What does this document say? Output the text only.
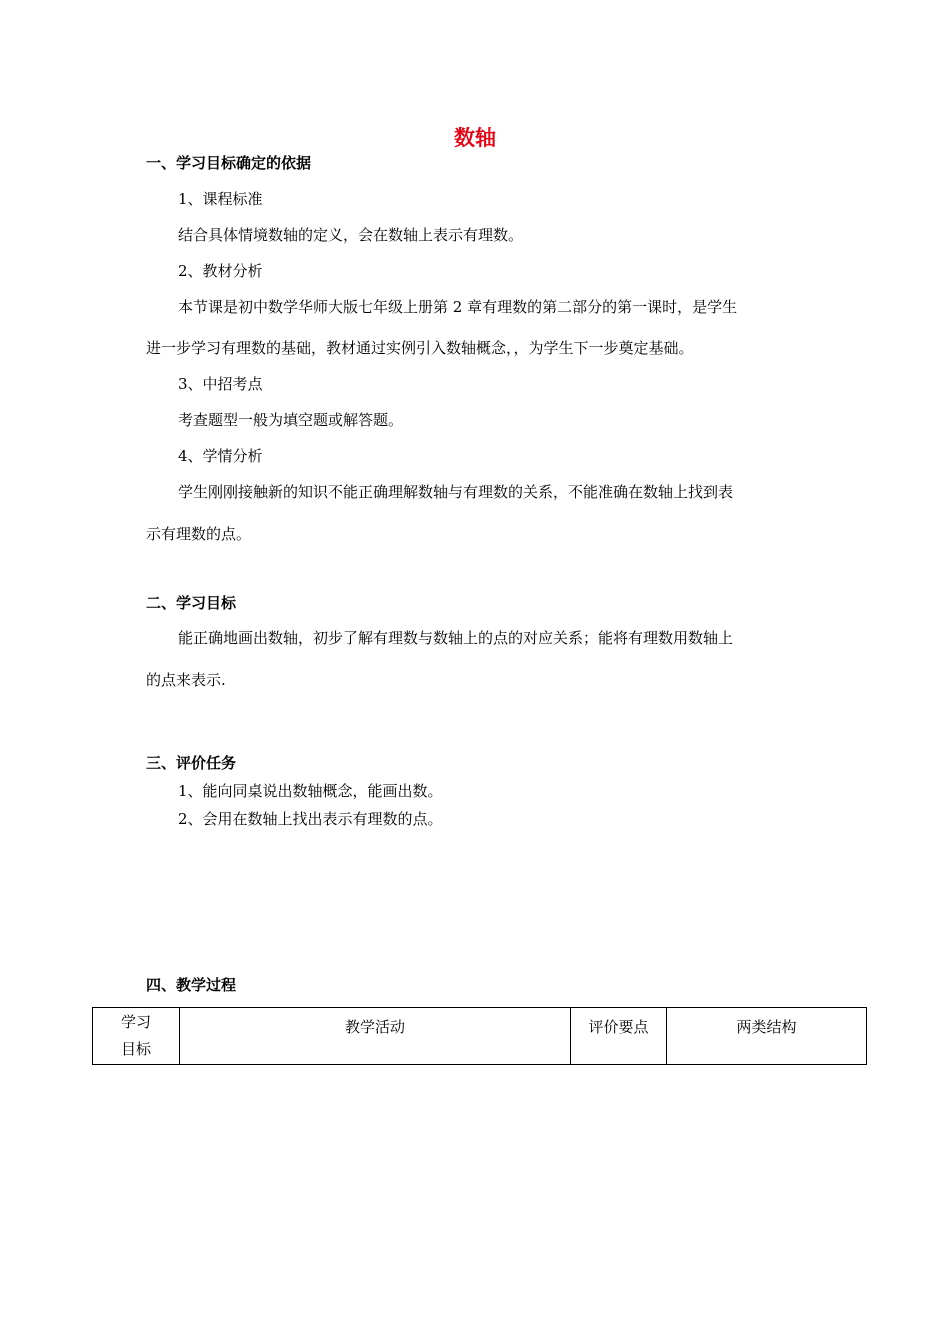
数轴
一、学习目标确定的依据
1、课程标准
结合具体情境数轴的定义，会在数轴上表示有理数。
2、教材分析
本节课是初中数学华师大版七年级上册第 2 章有理数的第二部分的第一课时，是学生
进一步学习有理数的基础，教材通过实例引入数轴概念，，为学生下一步奠定基础。
3、中招考点
考查题型一般为填空题或解答题。
4、学情分析
学生刚刚接触新的知识不能正确理解数轴与有理数的关系，不能准确在数轴上找到表
示有理数的点。
二、学习目标
能正确地画出数轴，初步了解有理数与数轴上的点的对应关系；能将有理数用数轴上
的点来表示.
三、评价任务
1、能向同桌说出数轴概念，能画出数。
2、会用在数轴上找出表示有理数的点。
四、教学过程
学习
目标
	教学活动	评价要点	两类结构
